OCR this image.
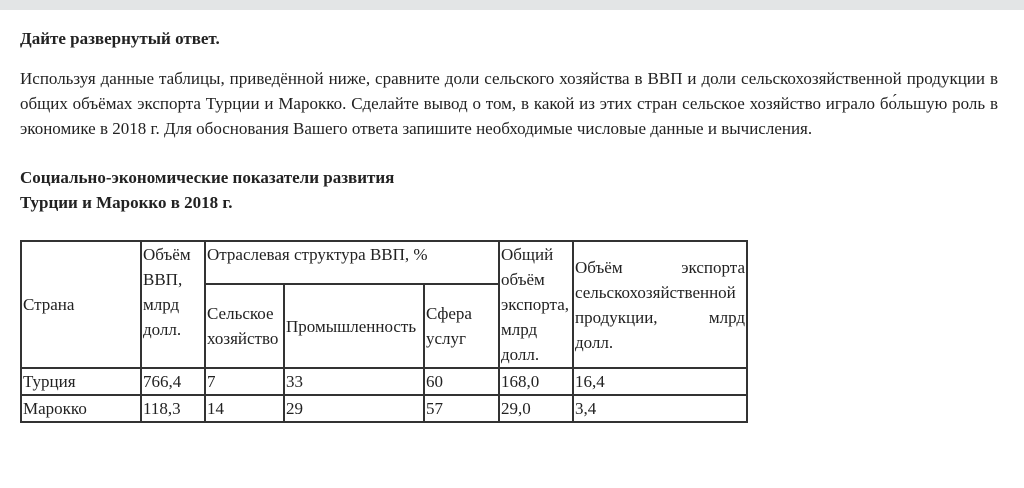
Дайте развернутый ответ.
Используя данные таблицы, приведённой ниже, сравните доли сельского хозяйства в ВВП и доли сельскохозяйственной продукции в общих объёмах экспорта Турции и Марокко. Сделайте вывод о том, в какой из этих стран сельское хозяйство играло бо́льшую роль в экономике в 2018 г. Для обоснования Вашего ответа запишите необходимые числовые данные и вычисления.
Социально-экономические показатели развития
Турции и Марокко в 2018 г.
Страна	Объём ВВП, млрд долл.	Отраслевая структура ВВП, %			Общий объём экспорта, млрд долл.	Объём экспорта сельскохозяйственной продукции, млрд
долл.

		Сельское хозяйство	Промышленность	Сфера услуг		
Турция	766,4	7	33	60	168,0	16,4
Марокко	118,3	14	29	57	29,0	3,4
